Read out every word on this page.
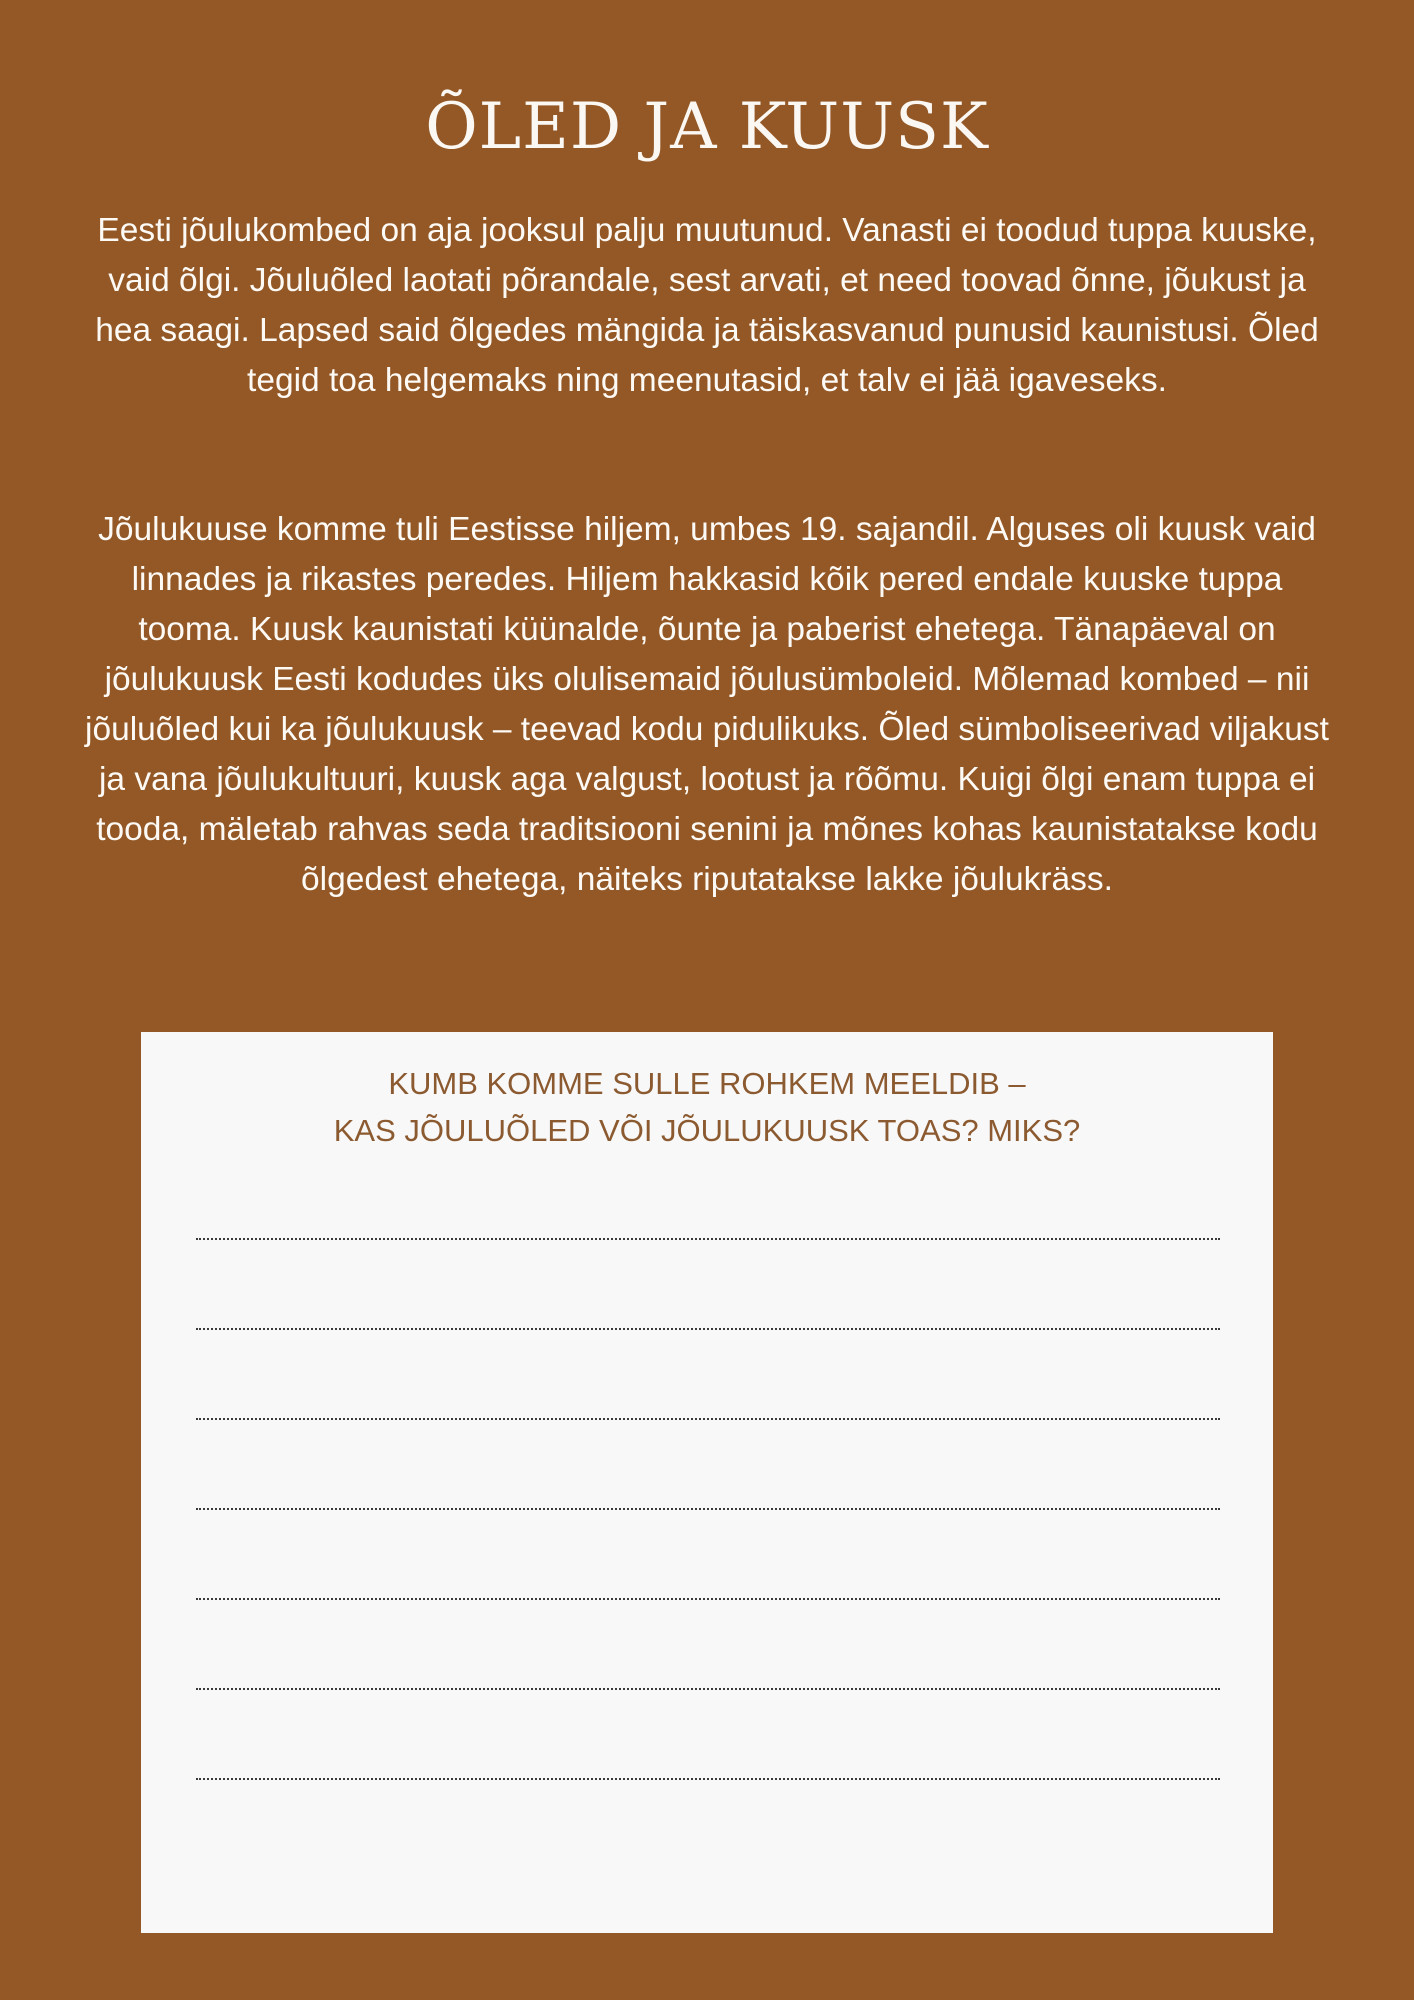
ÕLED JA KUUSK

Eesti jõulukombed on aja jooksul palju muutunud. Vanasti ei toodud tuppa kuuske, vaid õlgi. Jõuluõled laotati põrandale, sest arvati, et need toovad õnne, jõukust ja hea saagi. Lapsed said õlgedes mängida ja täiskasvanud punusid kaunistusi. Õled tegid toa helgemaks ning meenutasid, et talv ei jää igaveseks.

Jõulukuuse komme tuli Eestisse hiljem, umbes 19. sajandil. Alguses oli kuusk vaid linnades ja rikastes peredes. Hiljem hakkasid kõik pered endale kuuske tuppa tooma. Kuusk kaunistati küünalde, õunte ja paberist ehetega. Tänapäeval on jõulukuusk Eesti kodudes üks olulisemaid jõulusümboleid. Mõlemad kombed – nii jõuluõled kui ka jõulukuusk – teevad kodu pidulikuks. Õled sümboliseerivad viljakust ja vana jõulukultuuri, kuusk aga valgust, lootust ja rõõmu. Kuigi õlgi enam tuppa ei tooda, mäletab rahvas seda traditsiooni senini ja mõnes kohas kaunistatakse kodu õlgedest ehetega, näiteks riputatakse lakke jõulukräss.

KUMB KOMME SULLE ROHKEM MEELDIB –
KAS JÕULUÕLED VÕI JÕULUKUUSK TOAS? MIKS?
